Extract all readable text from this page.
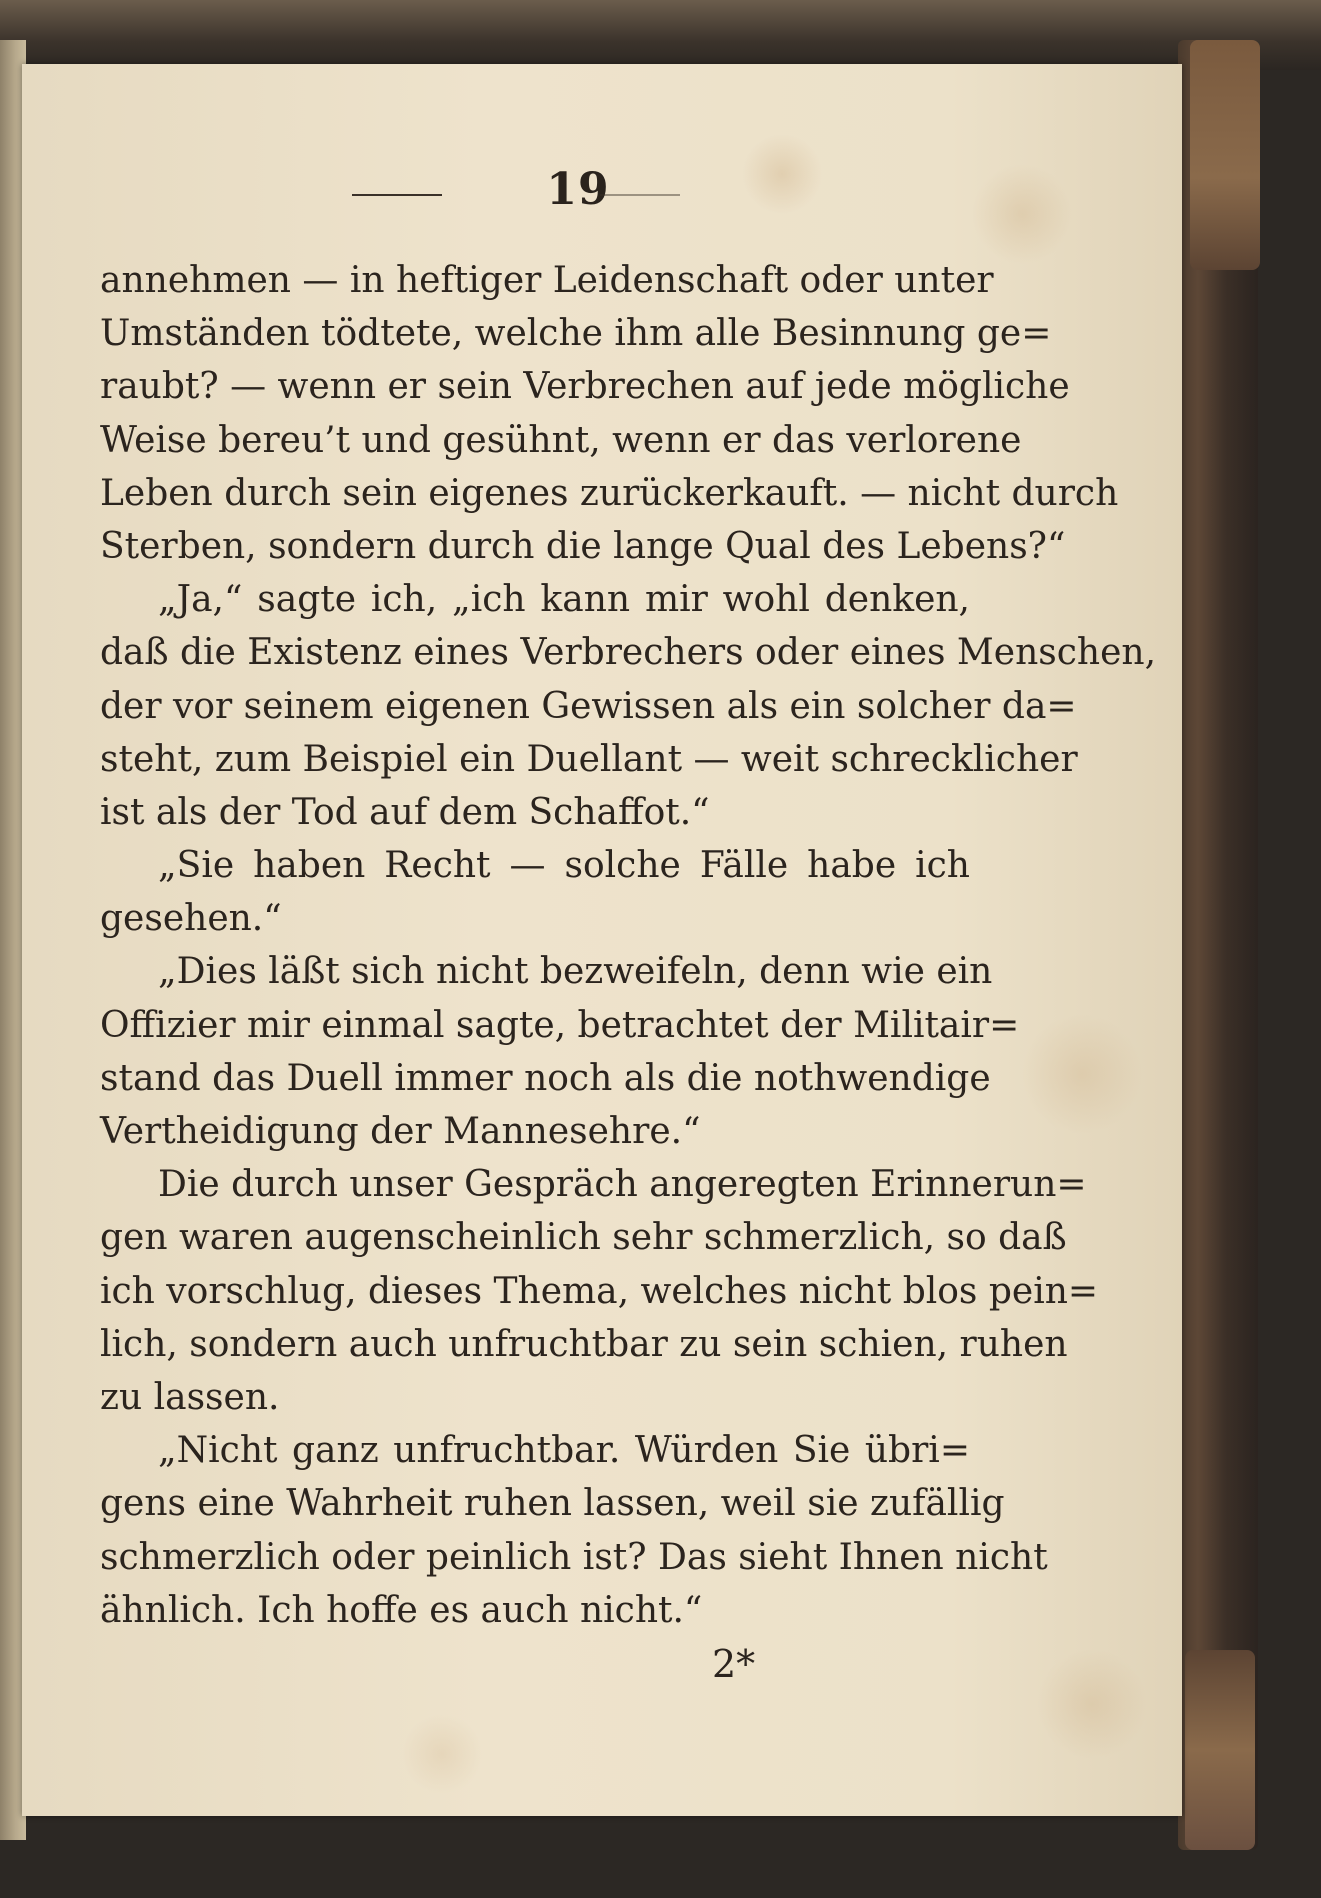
19
annehmen — in heftiger Leidenschaft oder unter
Umständen tödtete, welche ihm alle Besinnung ge=
raubt? — wenn er sein Verbrechen auf jede mögliche
Weise bereu’t und gesühnt, wenn er das verlorene
Leben durch sein eigenes zurückerkauft. — nicht durch
Sterben, sondern durch die lange Qual des Lebens?“
„Ja,“ sagte ich, „ich kann mir wohl denken,
daß die Existenz eines Verbrechers oder eines Menschen,
der vor seinem eigenen Gewissen als ein solcher da=
steht, zum Beispiel ein Duellant — weit schrecklicher
ist als der Tod auf dem Schaffot.“
„Sie haben Recht — solche Fälle habe ich
gesehen.“
„Dies läßt sich nicht bezweifeln, denn wie ein
Offizier mir einmal sagte, betrachtet der Militair=
stand das Duell immer noch als die nothwendige
Vertheidigung der Mannesehre.“
Die durch unser Gespräch angeregten Erinnerun=
gen waren augenscheinlich sehr schmerzlich, so daß
ich vorschlug, dieses Thema, welches nicht blos pein=
lich, sondern auch unfruchtbar zu sein schien, ruhen
zu lassen.
„Nicht ganz unfruchtbar. Würden Sie übri=
gens eine Wahrheit ruhen lassen, weil sie zufällig
schmerzlich oder peinlich ist? Das sieht Ihnen nicht
ähnlich. Ich hoffe es auch nicht.“
2*
